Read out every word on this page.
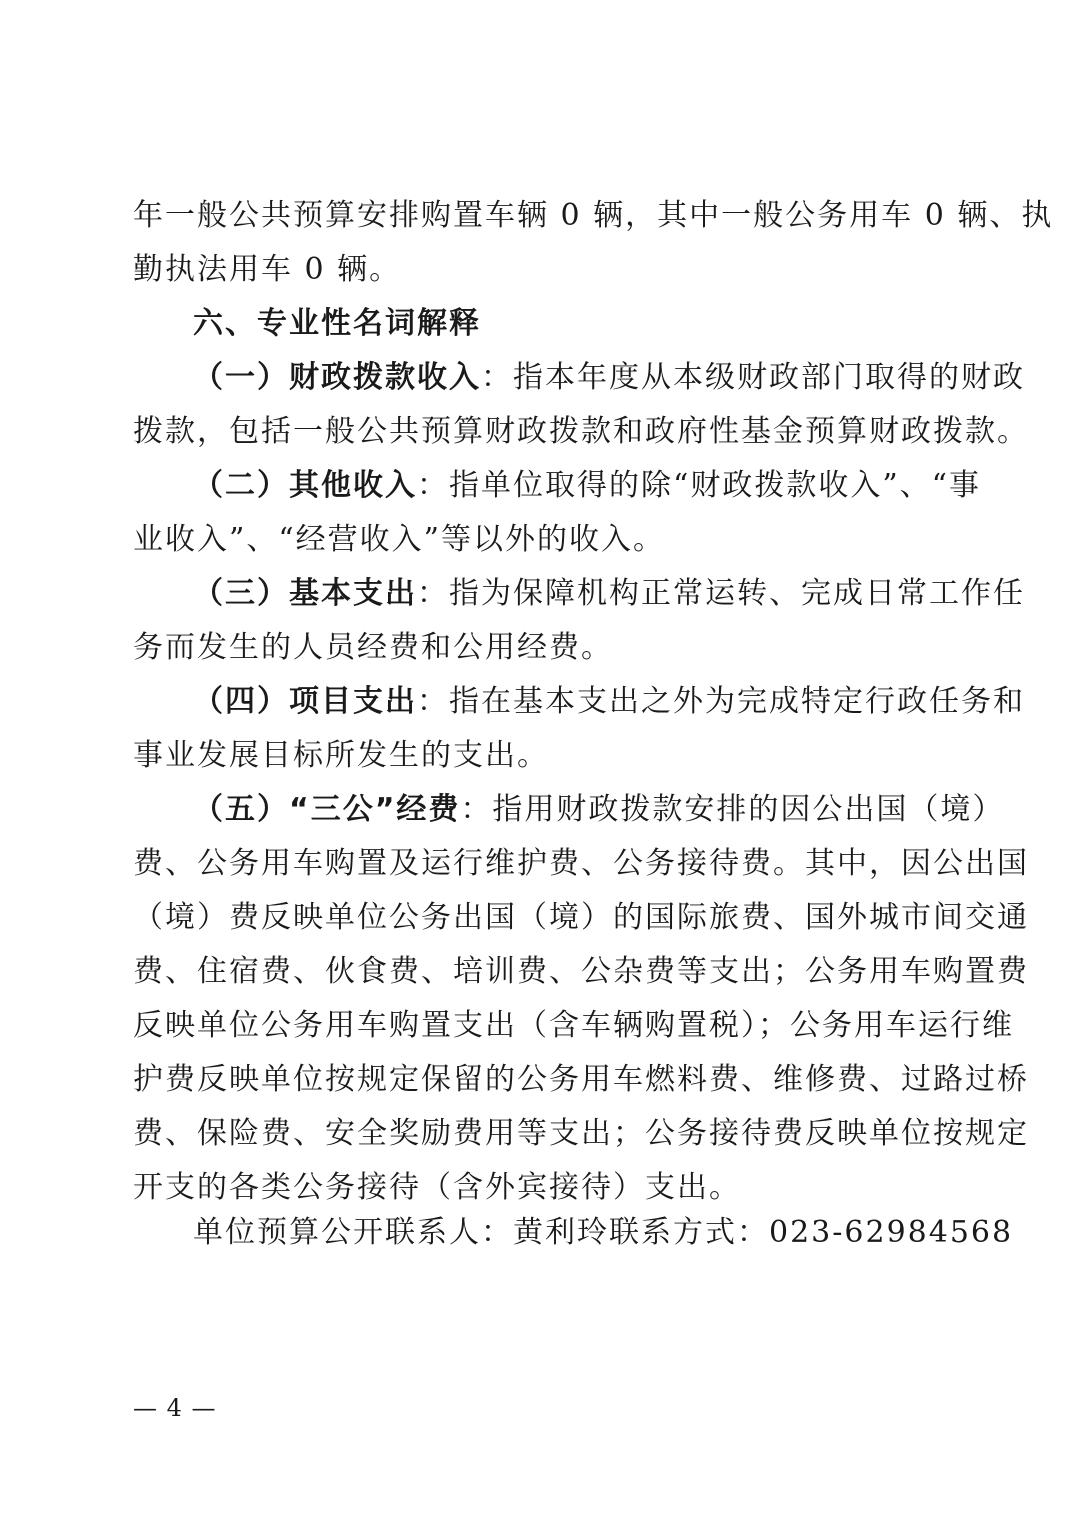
年一般公共预算安排购置车辆 0 辆，其中一般公务用车 0 辆、执
勤执法用车 0 辆。
六、专业性名词解释
（一）财政拨款收入：指本年度从本级财政部门取得的财政
拨款，包括一般公共预算财政拨款和政府性基金预算财政拨款。
（二）其他收入：指单位取得的除“财政拨款收入”、“事
业收入”、“经营收入”等以外的收入。
（三）基本支出：指为保障机构正常运转、完成日常工作任
务而发生的人员经费和公用经费。
（四）项目支出：指在基本支出之外为完成特定行政任务和
事业发展目标所发生的支出。
（五）“三公”经费：指用财政拨款安排的因公出国（境）
费、公务用车购置及运行维护费、公务接待费。其中，因公出国
（境）费反映单位公务出国（境）的国际旅费、国外城市间交通
费、住宿费、伙食费、培训费、公杂费等支出；公务用车购置费
反映单位公务用车购置支出（含车辆购置税）；公务用车运行维
护费反映单位按规定保留的公务用车燃料费、维修费、过路过桥
费、保险费、安全奖励费用等支出；公务接待费反映单位按规定
开支的各类公务接待（含外宾接待）支出。
单位预算公开联系人：黄利玲 联系方式：023-62984568
— 4 —
